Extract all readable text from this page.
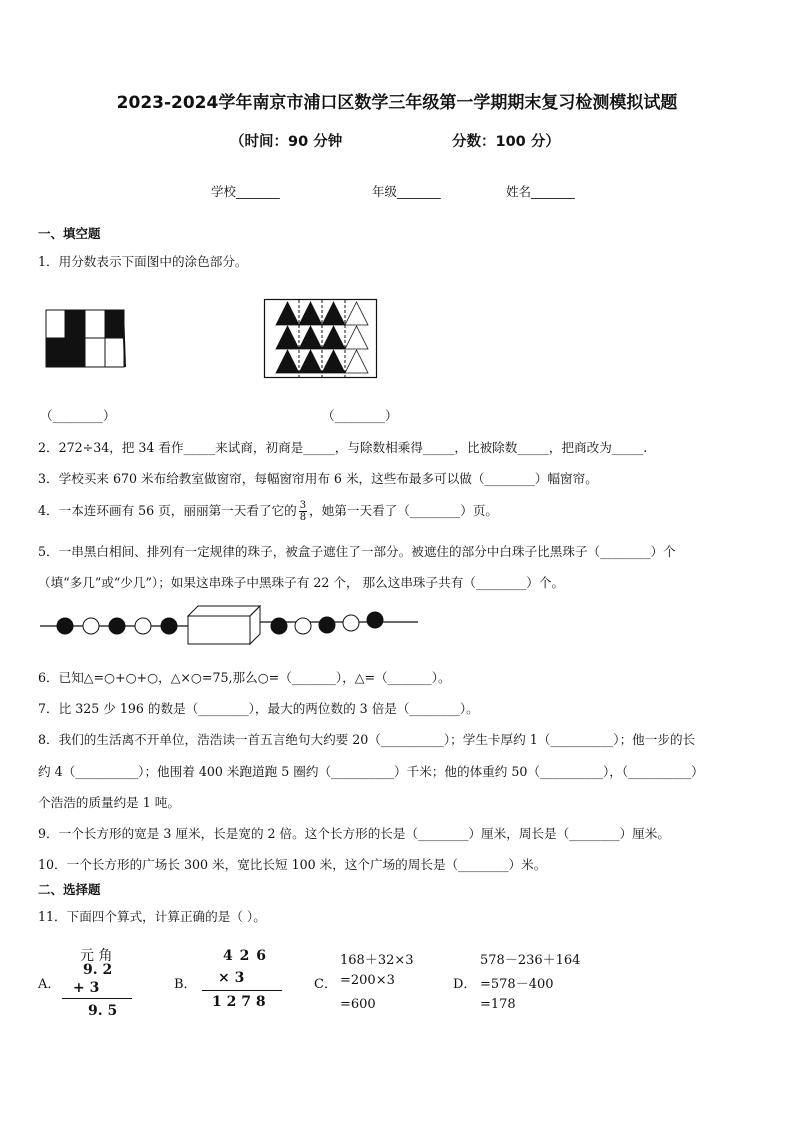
2023-2024学年南京市浦口区数学三年级第一学期期末复习检测模拟试题
（时间：90 分钟	分数：100 分）
学校_______	年级_______	姓名_______
一、填空题
1．用分数表示下面图中的涂色部分。
（________）	（________）
2．272÷34，把 34 看作_____来试商，初商是_____，与除数相乘得_____，比被除数_____，把商改为_____.
3．学校买来 670 米布给教室做窗帘，每幅窗帘用布 6 米，这些布最多可以做（________）幅窗帘。
4．一本连环画有 56 页，丽丽第一天看了它的 $\frac{3}{8}$ ，她第一天看了（________）页。
5．一串黑白相间、排列有一定规律的珠子，被盒子遮住了一部分。被遮住的部分中白珠子比黑珠子（________）个
（填“多几”或“少几”）；如果这串珠子中黑珠子有 22 个， 那么这串珠子共有（________）个。
6．已知△=○+○+○，△×○=75,那么○=（_______），△=（_______）。
7．比 325 少 196 的数是（________），最大的两位数的 3 倍是（________）。
8．我们的生活离不开单位，浩浩读一首五言绝句大约要 20（__________）；学生卡厚约 1（__________）；他一步的长
约 4（__________）；他围着 400 米跑道跑 5 圈约（__________）千米；他的体重约 50（__________），（__________）
个浩浩的质量约是 1 吨。
9．一个长方形的宽是 3 厘米，长是宽的 2 倍。这个长方形的长是（________）厘米，周长是（________）厘米。
10．一个长方形的广场长 300 米，宽比长短 100 米，这个广场的周长是（________）米。
二、选择题
11．下面四个算式，计算正确的是（ ）。
A．
元 角
9. 2
+ 3
9. 5
B．
4 2 6
× 3
1 2 7 8
C．
168＋32×3
=200×3
=600
D．
578－236＋164
=578－400
=178
